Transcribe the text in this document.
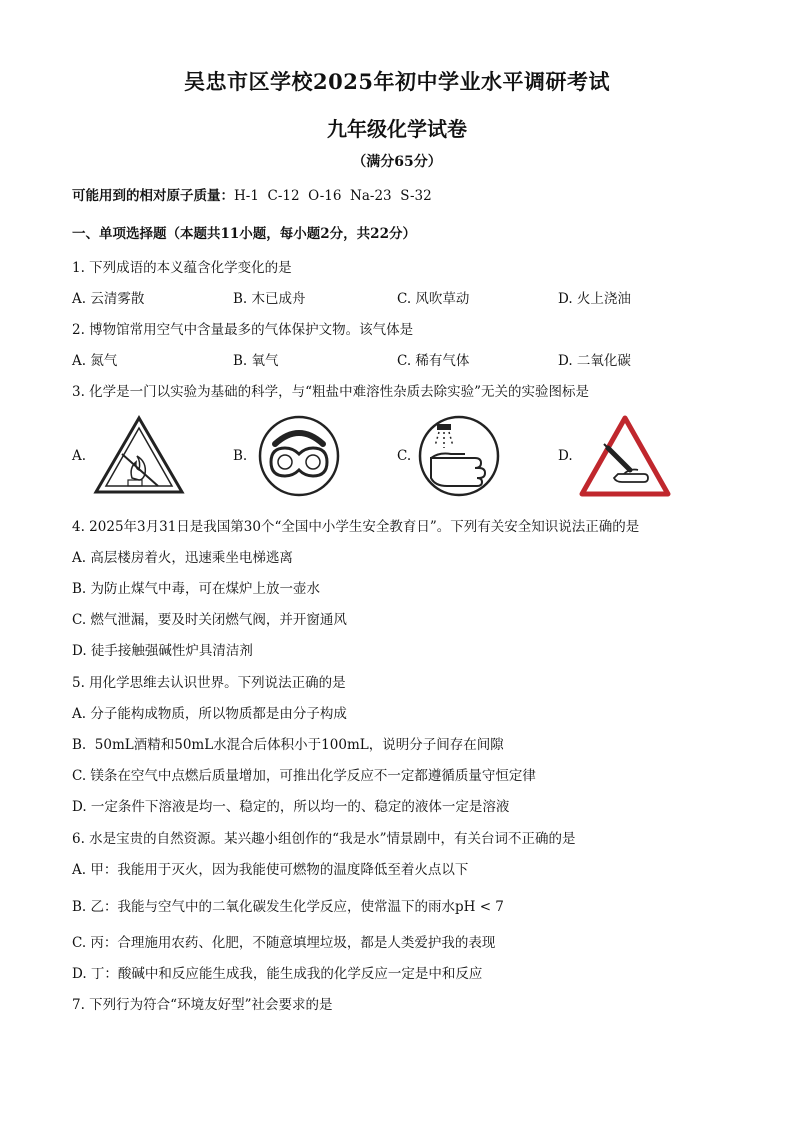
吴忠市区学校2025年初中学业水平调研考试
九年级化学试卷
（满分65分）
可能用到的相对原子质量：H-1  C-12  O-16  Na-23  S-32
一、单项选择题（本题共11小题，每小题2分，共22分）
1. 下列成语的本义蕴含化学变化的是
A. 云清雾散	B. 木已成舟	C. 风吹草动	D. 火上浇油
2. 博物馆常用空气中含量最多的气体保护文物。该气体是
A. 氮气	B. 氧气	C. 稀有气体	D. 二氧化碳
3. 化学是一门以实验为基础的科学，与“粗盐中难溶性杂质去除实验”无关的实验图标是
A.	B.	C.	D.
4. 2025年3月31日是我国第30个“全国中小学生安全教育日”。下列有关安全知识说法正确的是
A. 高层楼房着火，迅速乘坐电梯逃离
B. 为防止煤气中毒，可在煤炉上放一壶水
C. 燃气泄漏，要及时关闭燃气阀，并开窗通风
D. 徒手接触强碱性炉具清洁剂
5. 用化学思维去认识世界。下列说法正确的是
A. 分子能构成物质，所以物质都是由分子构成
B.  50mL酒精和50mL水混合后体积小于100mL，说明分子间存在间隙
C. 镁条在空气中点燃后质量增加，可推出化学反应不一定都遵循质量守恒定律
D. 一定条件下溶液是均一、稳定的，所以均一的、稳定的液体一定是溶液
6. 水是宝贵的自然资源。某兴趣小组创作的“我是水”情景剧中，有关台词不正确的是
A. 甲：我能用于灭火，因为我能使可燃物的温度降低至着火点以下
B. 乙：我能与空气中的二氧化碳发生化学反应，使常温下的雨水pH < 7
C. 丙：合理施用农药、化肥，不随意填埋垃圾，都是人类爱护我的表现
D. 丁：酸碱中和反应能生成我，能生成我的化学反应一定是中和反应
7. 下列行为符合“环境友好型”社会要求的是
